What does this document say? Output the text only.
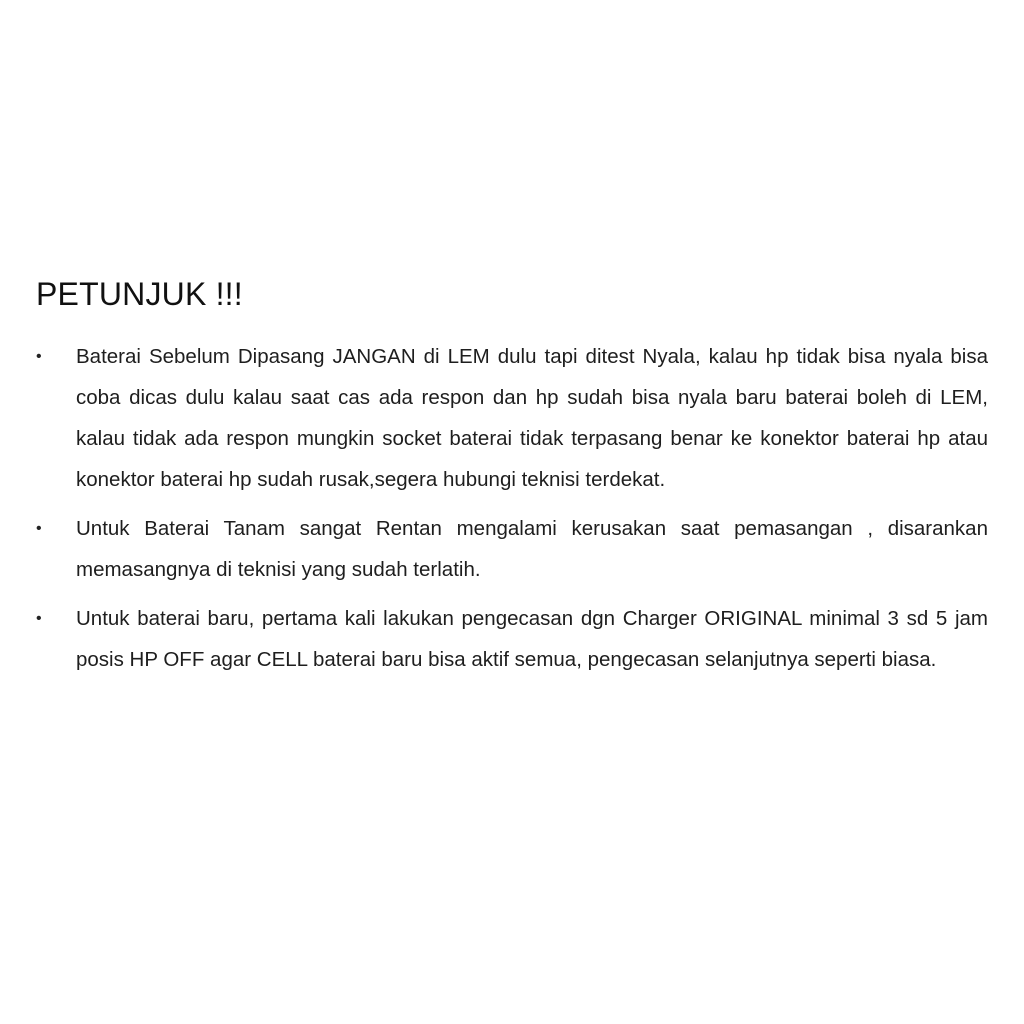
PETUNJUK !!!
• Baterai Sebelum Dipasang JANGAN di LEM dulu tapi ditest Nyala, kalau hp tidak bisa nyala bisa coba dicas dulu kalau saat cas ada respon dan hp sudah bisa nyala baru baterai boleh di LEM, kalau tidak ada respon mungkin socket baterai tidak terpasang benar ke konektor baterai hp atau konektor baterai hp sudah rusak,segera hubungi teknisi terdekat.
• Untuk Baterai Tanam sangat Rentan mengalami kerusakan saat pemasangan , disarankan memasangnya di teknisi yang sudah terlatih.
• Untuk baterai baru, pertama kali lakukan pengecasan dgn Charger ORIGINAL minimal 3 sd 5 jam posis HP OFF agar CELL baterai baru bisa aktif semua, pengecasan selanjutnya seperti biasa.
